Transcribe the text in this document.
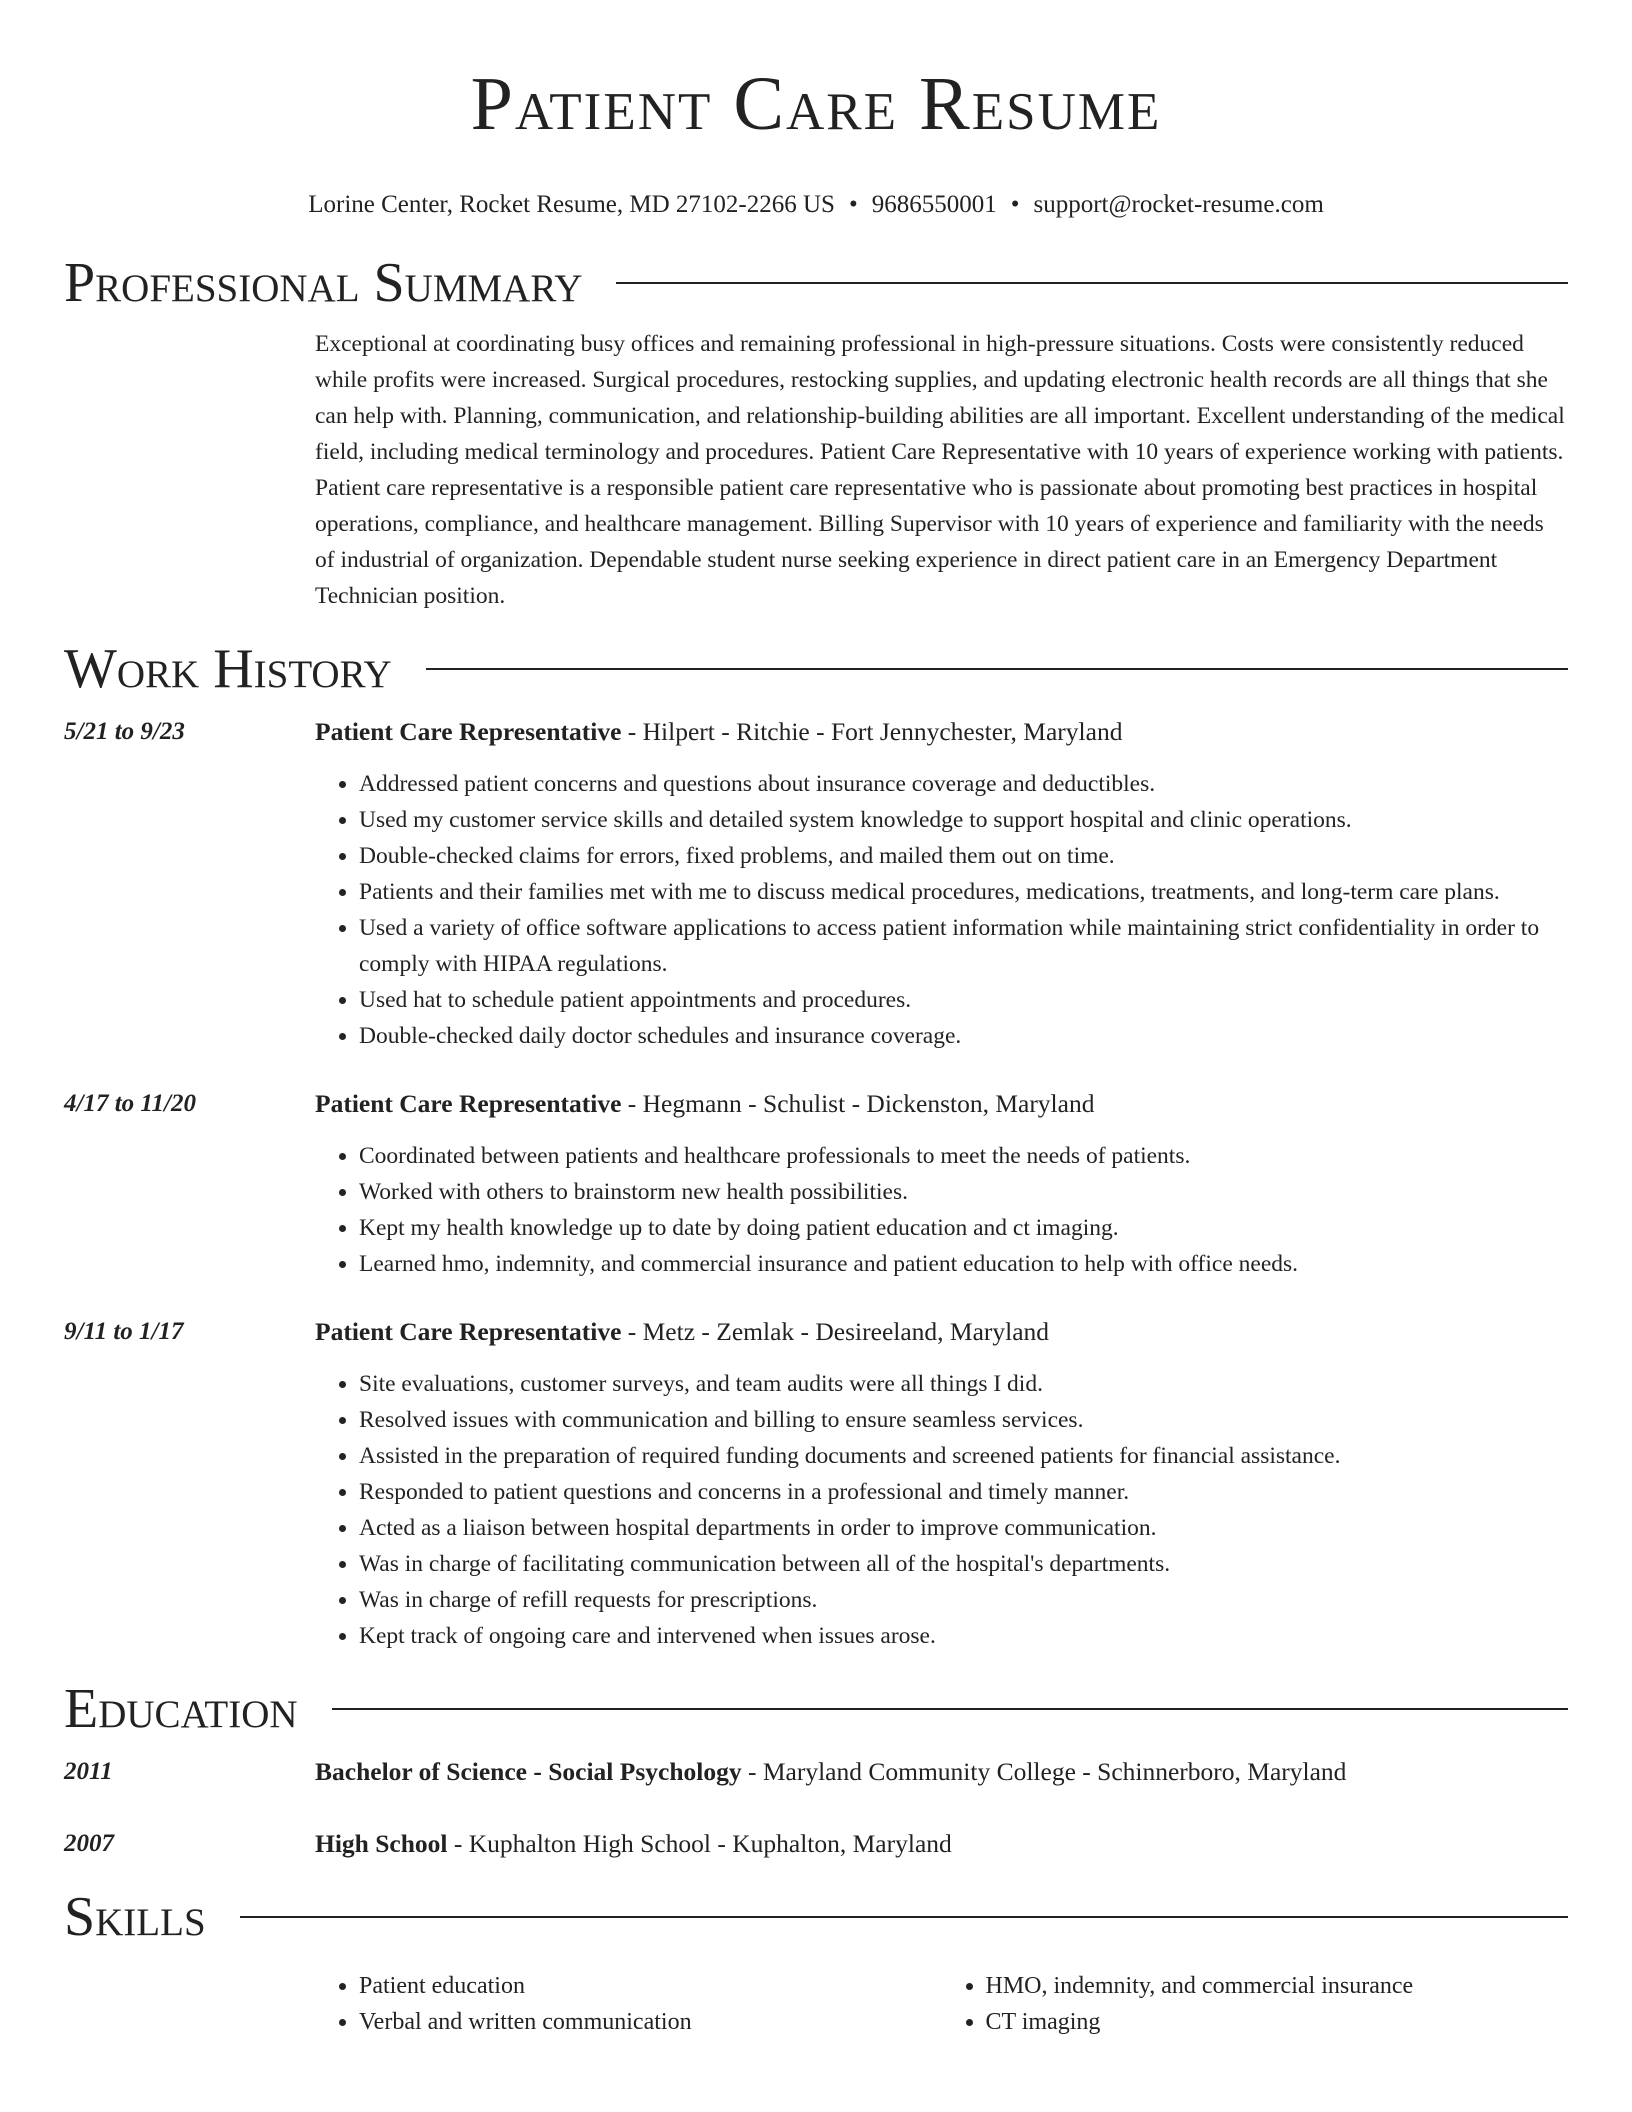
Patient Care Resume
Lorine Center, Rocket Resume, MD 27102-2266 US • 9686550001 • support@rocket-resume.com
Professional Summary

Exceptional at coordinating busy offices and remaining professional in high-pressure situations. Costs were consistently reduced while profits were increased. Surgical procedures, restocking supplies, and updating electronic health records are all things that she can help with. Planning, communication, and relationship-building abilities are all important. Excellent understanding of the medical field, including medical terminology and procedures. Patient Care Representative with 10 years of experience working with patients. Patient care representative is a responsible patient care representative who is passionate about promoting best practices in hospital operations, compliance, and healthcare management. Billing Supervisor with 10 years of experience and familiarity with the needs of industrial of organization. Dependable student nurse seeking experience in direct patient care in an Emergency Department Technician position.

Work History
5/21 to 9/23	Patient Care Representative - Hilpert - Ritchie - Fort Jennychester, Maryland
• Addressed patient concerns and questions about insurance coverage and deductibles.
• Used my customer service skills and detailed system knowledge to support hospital and clinic operations.
• Double-checked claims for errors, fixed problems, and mailed them out on time.
• Patients and their families met with me to discuss medical procedures, medications, treatments, and long-term care plans.
• Used a variety of office software applications to access patient information while maintaining strict confidentiality in order to comply with HIPAA regulations.
• Used hat to schedule patient appointments and procedures.
• Double-checked daily doctor schedules and insurance coverage.
4/17 to 11/20	Patient Care Representative - Hegmann - Schulist - Dickenston, Maryland
• Coordinated between patients and healthcare professionals to meet the needs of patients.
• Worked with others to brainstorm new health possibilities.
• Kept my health knowledge up to date by doing patient education and ct imaging.
• Learned hmo, indemnity, and commercial insurance and patient education to help with office needs.
9/11 to 1/17	Patient Care Representative - Metz - Zemlak - Desireeland, Maryland
• Site evaluations, customer surveys, and team audits were all things I did.
• Resolved issues with communication and billing to ensure seamless services.
• Assisted in the preparation of required funding documents and screened patients for financial assistance.
• Responded to patient questions and concerns in a professional and timely manner.
• Acted as a liaison between hospital departments in order to improve communication.
• Was in charge of facilitating communication between all of the hospital's departments.
• Was in charge of refill requests for prescriptions.
• Kept track of ongoing care and intervened when issues arose.
Education
2011	Bachelor of Science - Social Psychology - Maryland Community College - Schinnerboro, Maryland
2007	High School - Kuphalton High School - Kuphalton, Maryland
Skills
• Patient education
• Verbal and written communication
• HMO, indemnity, and commercial insurance
• CT imaging
